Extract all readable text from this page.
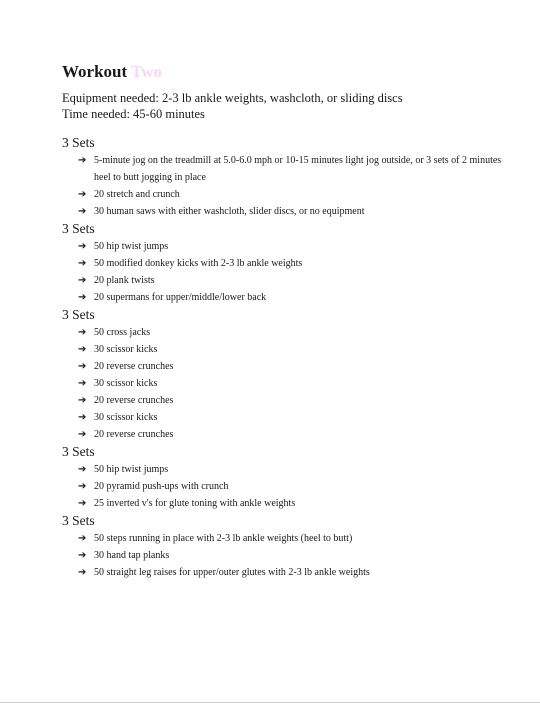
Workout Two
Equipment needed: 2-3 lb ankle weights, washcloth, or sliding discs
Time needed: 45-60 minutes
3 Sets
➔ 5-minute jog on the treadmill at 5.0-6.0 mph or 10-15 minutes light jog outside, or 3 sets of 2 minutes heel to butt jogging in place
➔ 20 stretch and crunch
➔ 30 human saws with either washcloth, slider discs, or no equipment
3 Sets
➔ 50 hip twist jumps
➔ 50 modified donkey kicks with 2-3 lb ankle weights
➔ 20 plank twists
➔ 20 supermans for upper/middle/lower back
3 Sets
➔ 50 cross jacks
➔ 30 scissor kicks
➔ 20 reverse crunches
➔ 30 scissor kicks
➔ 20 reverse crunches
➔ 30 scissor kicks
➔ 20 reverse crunches
3 Sets
➔ 50 hip twist jumps
➔ 20 pyramid push-ups with crunch
➔ 25 inverted v's for glute toning with ankle weights
3 Sets
➔ 50 steps running in place with 2-3 lb ankle weights (heel to butt)
➔ 30 hand tap planks
➔ 50 straight leg raises for upper/outer glutes with 2-3 lb ankle weights
